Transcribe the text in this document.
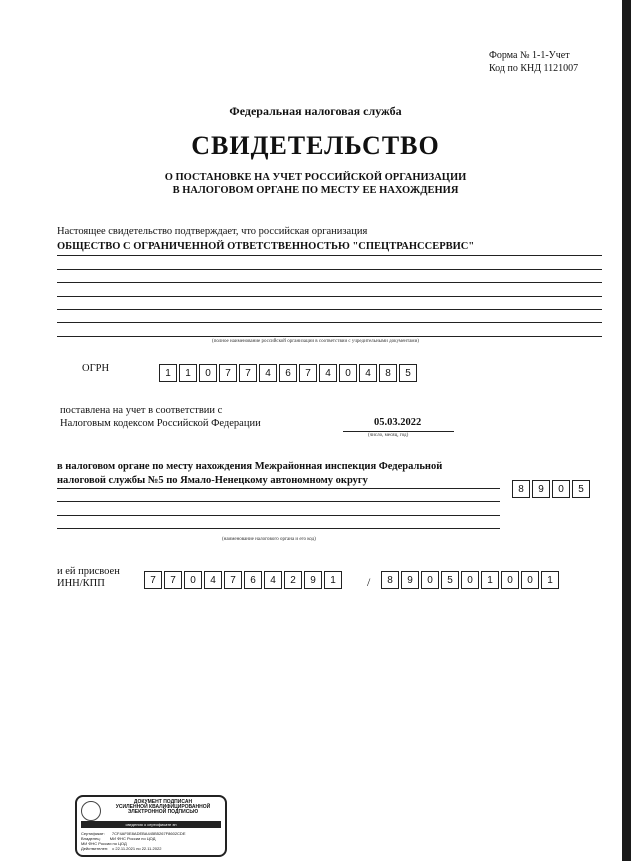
Форма № 1-1-Учет
Код по КНД 1121007
Федеральная налоговая служба
СВИДЕТЕЛЬСТВО
О ПОСТАНОВКЕ НА УЧЕТ РОССИЙСКОЙ ОРГАНИЗАЦИИ
В НАЛОГОВОМ ОРГАНЕ ПО МЕСТУ ЕЕ НАХОЖДЕНИЯ
Настоящее свидетельство подтверждает, что российская организация
ОБЩЕСТВО С ОГРАНИЧЕННОЙ ОТВЕТСТВЕННОСТЬЮ "СПЕЦТРАНССЕРВИС"
(полное наименование российской организации в соответствии с учредительными документами)
ОГРН	1	1	0	7	7	4	6	7	4	0	4	8	5
поставлена на учет в соответствии с
Налоговым кодексом Российской Федерации	05.03.2022
(число, месяц, год)
в налоговом органе по месту нахождения Межрайонная инспекция Федеральной
налоговой службы №5 по Ямало-Ненецкому автономному округу
8	9	0	5
(наименование налогового органа и его код)
и ей присвоен
ИНН/КПП	7	7	0	4	7	6	4	2	9	1	/	8	9	0	5	0	1	0	0	1
ДОКУМЕНТ ПОДПИСАН
УСИЛЕННОЙ КВАЛИФИЦИРОВАННОЙ
ЭЛЕКТРОННОЙ ПОДПИСЬЮ
сведения о сертификате эп
Сертификат: 7CF4AF0E8ADEBA445B5267F8602CDE
Владелец: МИ ФНС России по ЦОД
МИ ФНС России по ЦОД
Действителен: с 22.11.2021 по 22.11.2022
